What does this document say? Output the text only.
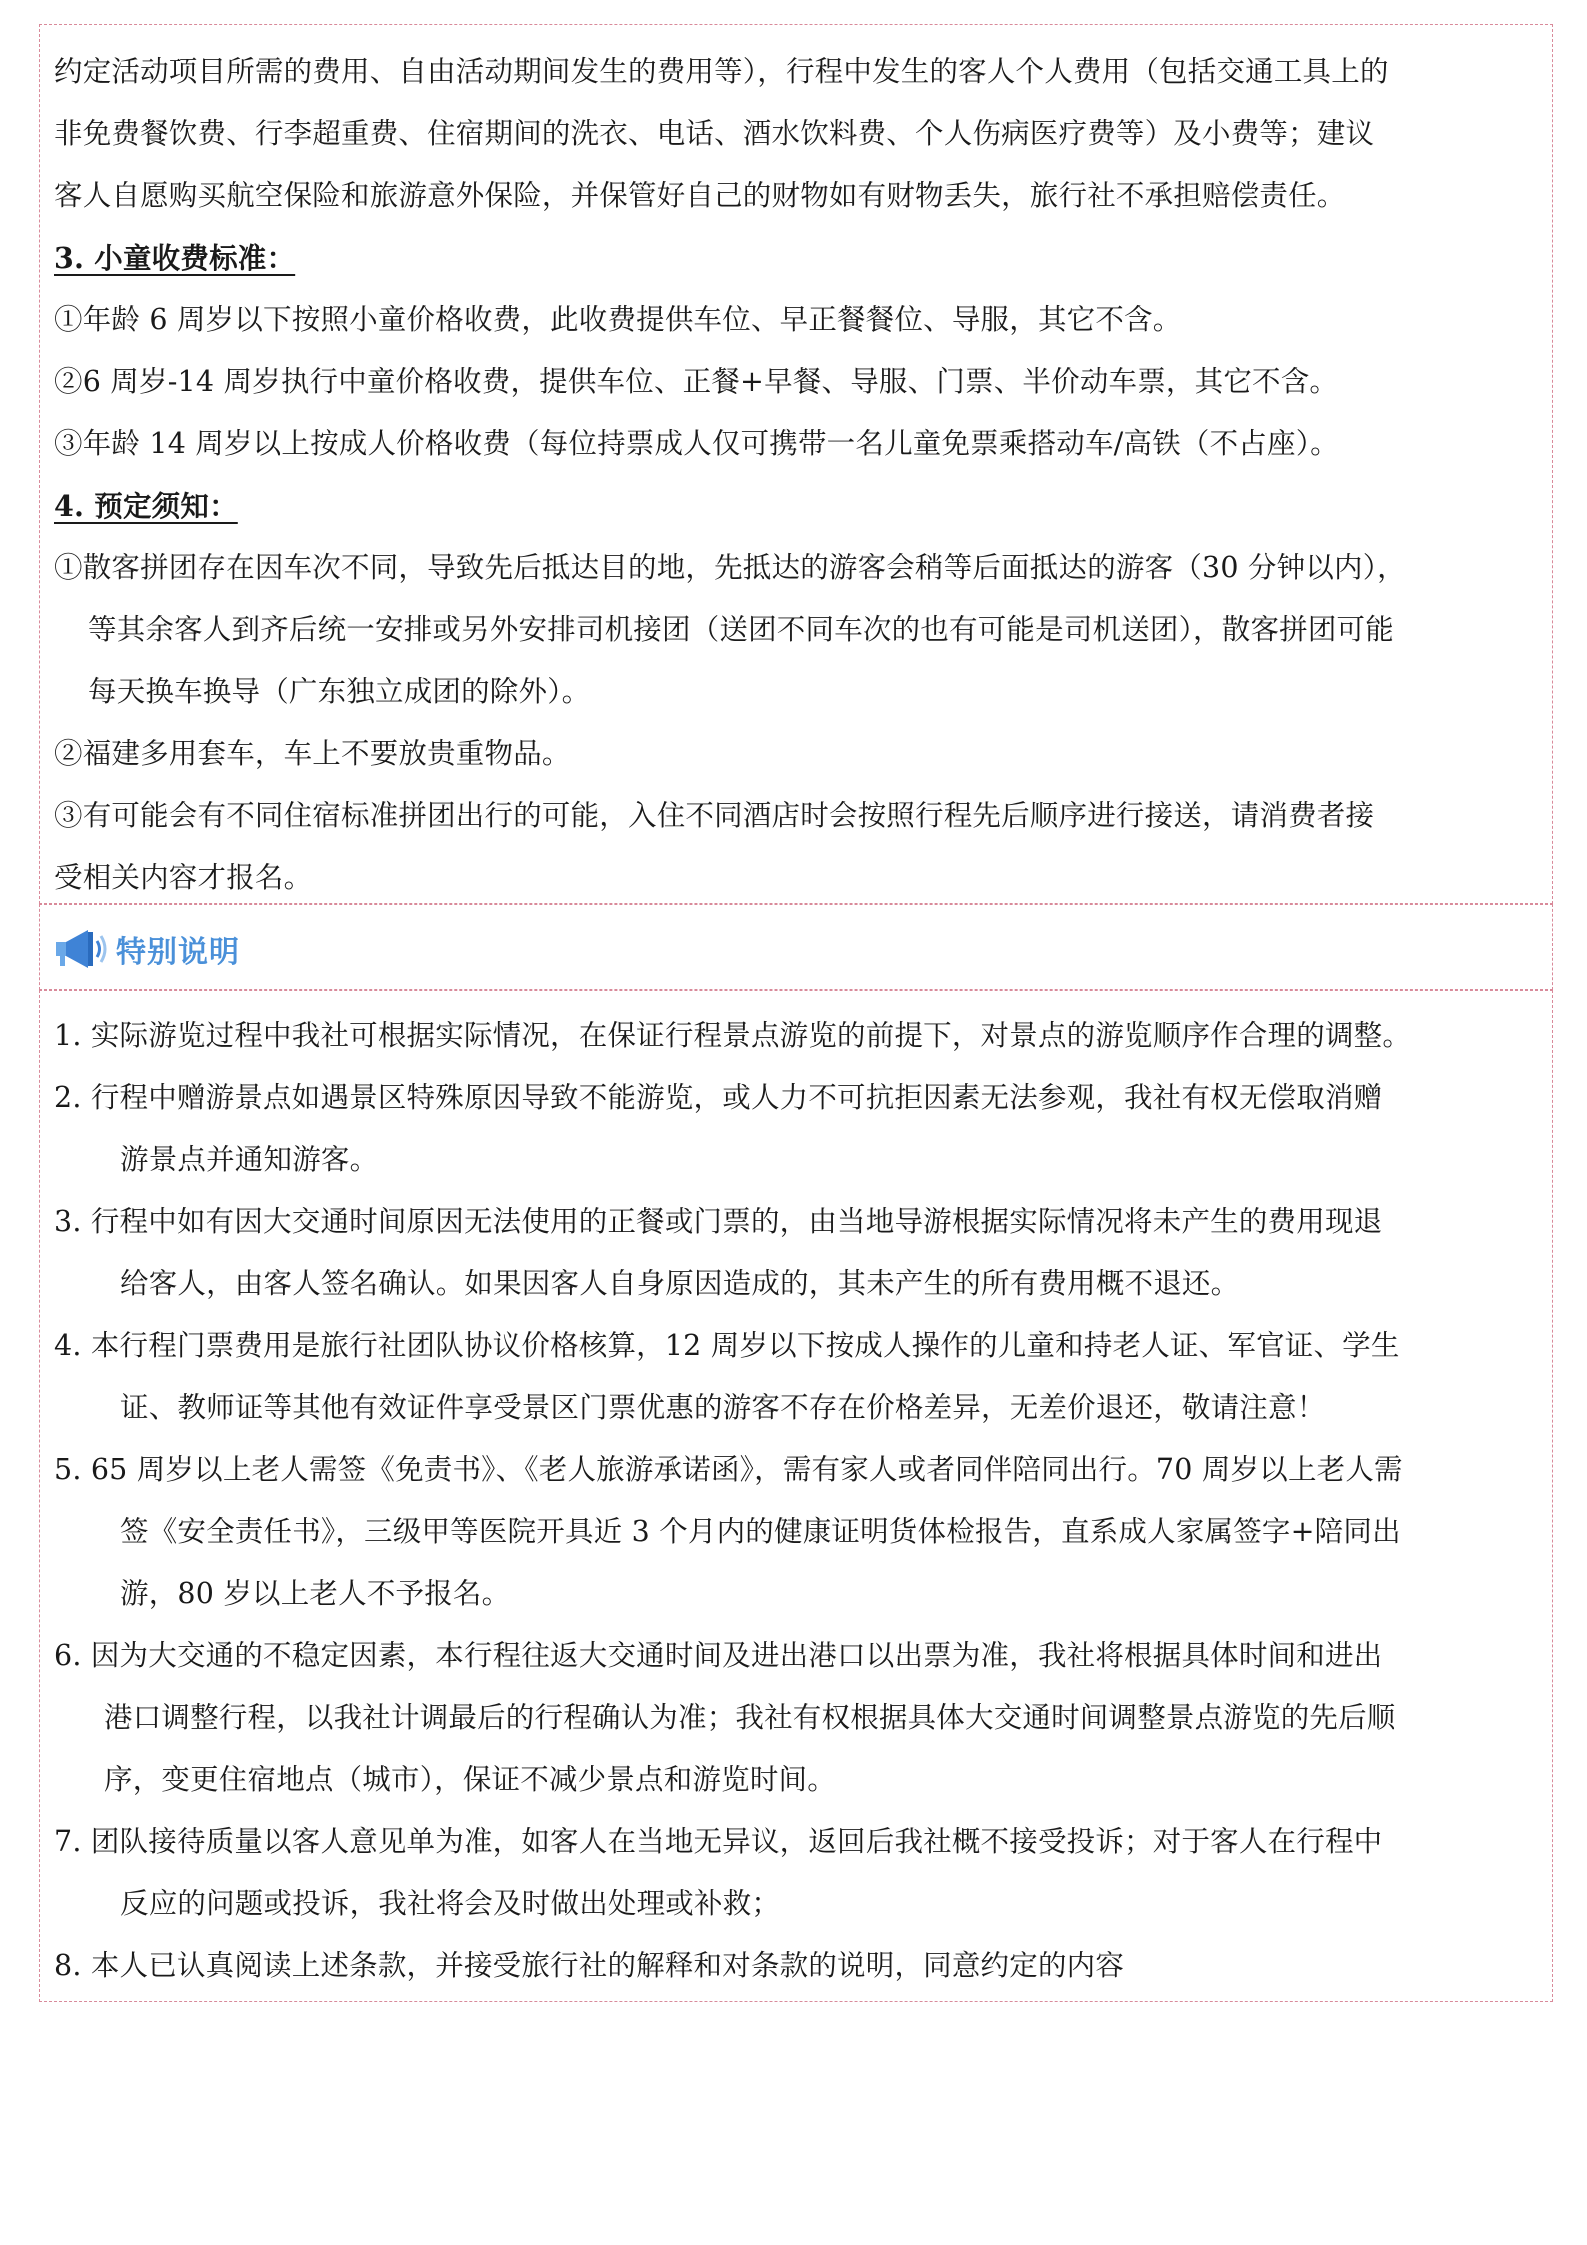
约定活动项目所需的费用、自由活动期间发生的费用等），行程中发生的客人个人费用（包括交通工具上的
非免费餐饮费、行李超重费、住宿期间的洗衣、电话、酒水饮料费、个人伤病医疗费等）及小费等；建议
客人自愿购买航空保险和旅游意外保险，并保管好自己的财物如有财物丢失，旅行社不承担赔偿责任。
3. 小童收费标准：
①年龄 6 周岁以下按照小童价格收费，此收费提供车位、早正餐餐位、导服，其它不含。
②6 周岁-14 周岁执行中童价格收费，提供车位、正餐+早餐、导服、门票、半价动车票，其它不含。
③年龄 14 周岁以上按成人价格收费（每位持票成人仅可携带一名儿童免票乘搭动车/高铁（不占座）。
4. 预定须知：
①散客拼团存在因车次不同，导致先后抵达目的地，先抵达的游客会稍等后面抵达的游客（30 分钟以内），
等其余客人到齐后统一安排或另外安排司机接团（送团不同车次的也有可能是司机送团），散客拼团可能
每天换车换导（广东独立成团的除外）。
②福建多用套车，车上不要放贵重物品。
③有可能会有不同住宿标准拼团出行的可能，入住不同酒店时会按照行程先后顺序进行接送，请消费者接
受相关内容才报名。
特别说明
1. 实际游览过程中我社可根据实际情况，在保证行程景点游览的前提下，对景点的游览顺序作合理的调整。
2. 行程中赠游景点如遇景区特殊原因导致不能游览，或人力不可抗拒因素无法参观，我社有权无偿取消赠
游景点并通知游客。
3. 行程中如有因大交通时间原因无法使用的正餐或门票的，由当地导游根据实际情况将未产生的费用现退
给客人，由客人签名确认。如果因客人自身原因造成的，其未产生的所有费用概不退还。
4. 本行程门票费用是旅行社团队协议价格核算，12 周岁以下按成人操作的儿童和持老人证、军官证、学生
证、教师证等其他有效证件享受景区门票优惠的游客不存在价格差异，无差价退还，敬请注意！
5. 65 周岁以上老人需签《免责书》、《老人旅游承诺函》，需有家人或者同伴陪同出行。70 周岁以上老人需
签《安全责任书》，三级甲等医院开具近 3 个月内的健康证明货体检报告，直系成人家属签字+陪同出
游，80 岁以上老人不予报名。
6. 因为大交通的不稳定因素，本行程往返大交通时间及进出港口以出票为准，我社将根据具体时间和进出
港口调整行程，以我社计调最后的行程确认为准；我社有权根据具体大交通时间调整景点游览的先后顺
序，变更住宿地点（城市），保证不减少景点和游览时间。
7. 团队接待质量以客人意见单为准，如客人在当地无异议，返回后我社概不接受投诉；对于客人在行程中
反应的问题或投诉，我社将会及时做出处理或补救；
8. 本人已认真阅读上述条款，并接受旅行社的解释和对条款的说明，同意约定的内容
